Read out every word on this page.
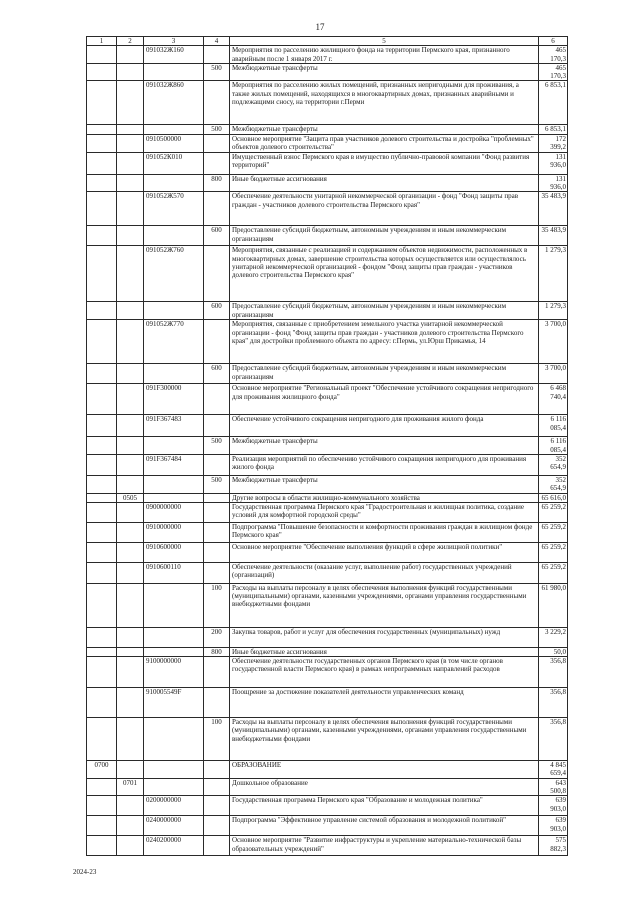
17
1	2	3	4	5	6
		091032Ж160		Мероприятия по расселению жилищного фонда на территории Пермского края, признанного аварийным после 1 января 2017 г.	465 170,3
			500	Межбюджетные трансферты	465 170,3
		091032Ж860		Мероприятия по расселению жилых помещений, признанных непригодными для проживания, а также жилых помещений, находящихся в многоквартирных домах, признанных аварийными и подлежащими сносу, на территории г.Перми	6 853,1
			500	Межбюджетные трансферты	6 853,1
		0910500000		Основное мероприятие "Защита прав участников долевого строительства и достройка "проблемных" объектов долевого строительства"	172 399,2
		091052К010		Имущественный взнос Пермского края в имущество публично-правовой компании "Фонд развития территорий"	131 936,0
			800	Иные бюджетные ассигнования	131 936,0
		091052Ж570		Обеспечение деятельности унитарной некоммерческой организации - фонд "Фонд защиты прав граждан - участников долевого строительства Пермского края"	35 483,9
			600	Предоставление субсидий бюджетным, автономным учреждениям и иным некоммерческим организациям	35 483,9
		091052Ж760		Мероприятия, связанные с реализацией и содержанием объектов недвижимости, расположенных в многоквартирных домах, завершение строительства которых осуществляется или осуществлялось унитарной некоммерческой организацией - фондом "Фонд защиты прав граждан - участников долевого строительства Пермского края"	1 279,3
			600	Предоставление субсидий бюджетным, автономным учреждениям и иным некоммерческим организациям	1 279,3
		091052Ж770		Мероприятия, связанные с приобретением земельного участка унитарной некоммерческой организации - фонд "Фонд защиты прав граждан - участников долевого строительства Пермского края" для достройки проблемного объекта по адресу: г.Пермь, ул.Юрш Прикамья, 14	3 700,0
			600	Предоставление субсидий бюджетным, автономным учреждениям и иным некоммерческим организациям	3 700,0
		091F300000		Основное мероприятие "Региональный проект "Обеспечение устойчивого сокращения непригодного для проживания жилищного фонда"	6 468 740,4
		091F367483		Обеспечение устойчивого сокращения непригодного для проживания жилого фонда	6 116 085,4
			500	Межбюджетные трансферты	6 116 085,4
		091F367484		Реализация мероприятий по обеспечению устойчивого сокращения непригодного для проживания жилого фонда	352 654,9
			500	Межбюджетные трансферты	352 654,9
	0505			Другие вопросы в области жилищно-коммунального хозяйства	65 616,0
		0900000000		Государственная программа Пермского края "Градостроительная и жилищная политика, создание условий для комфортной городской среды"	65 259,2
		0910000000		Подпрограмма "Повышение безопасности и комфортности проживания граждан в жилищном фонде Пермского края"	65 259,2
		0910600000		Основное мероприятие "Обеспечение выполнения функций в сфере жилищной политики"	65 259,2
		0910600110		Обеспечение деятельности (оказание услуг, выполнение работ) государственных учреждений (организаций)	65 259,2
			100	Расходы на выплаты персоналу в целях обеспечения выполнения функций государственными (муниципальными) органами, казенными учреждениями, органами управления государственными внебюджетными фондами	61 980,0
			200	Закупка товаров, работ и услуг для обеспечения государственных (муниципальных) нужд	3 229,2
			800	Иные бюджетные ассигнования	50,0
		9100000000		Обеспечение деятельности государственных органов Пермского края (в том числе органов государственной власти Пермского края) в рамках непрограммных направлений расходов	356,8
		910005549F		Поощрение за достижение показателей деятельности управленческих команд	356,8
			100	Расходы на выплаты персоналу в целях обеспечения выполнения функций государственными (муниципальными) органами, казенными учреждениями, органами управления государственными внебюджетными фондами	356,8
0700				ОБРАЗОВАНИЕ	4 845 659,4
	0701			Дошкольное образование	643 500,8
		0200000000		Государственная программа Пермского края "Образование и молодежная политика"	639 903,0
		0240000000		Подпрограмма "Эффективное управление системой образования и молодежной политикой"	639 903,0
		0240200000		Основное мероприятие "Развитие инфраструктуры и укрепление материально-технической базы образовательных учреждений"	575 882,3
2024-23
